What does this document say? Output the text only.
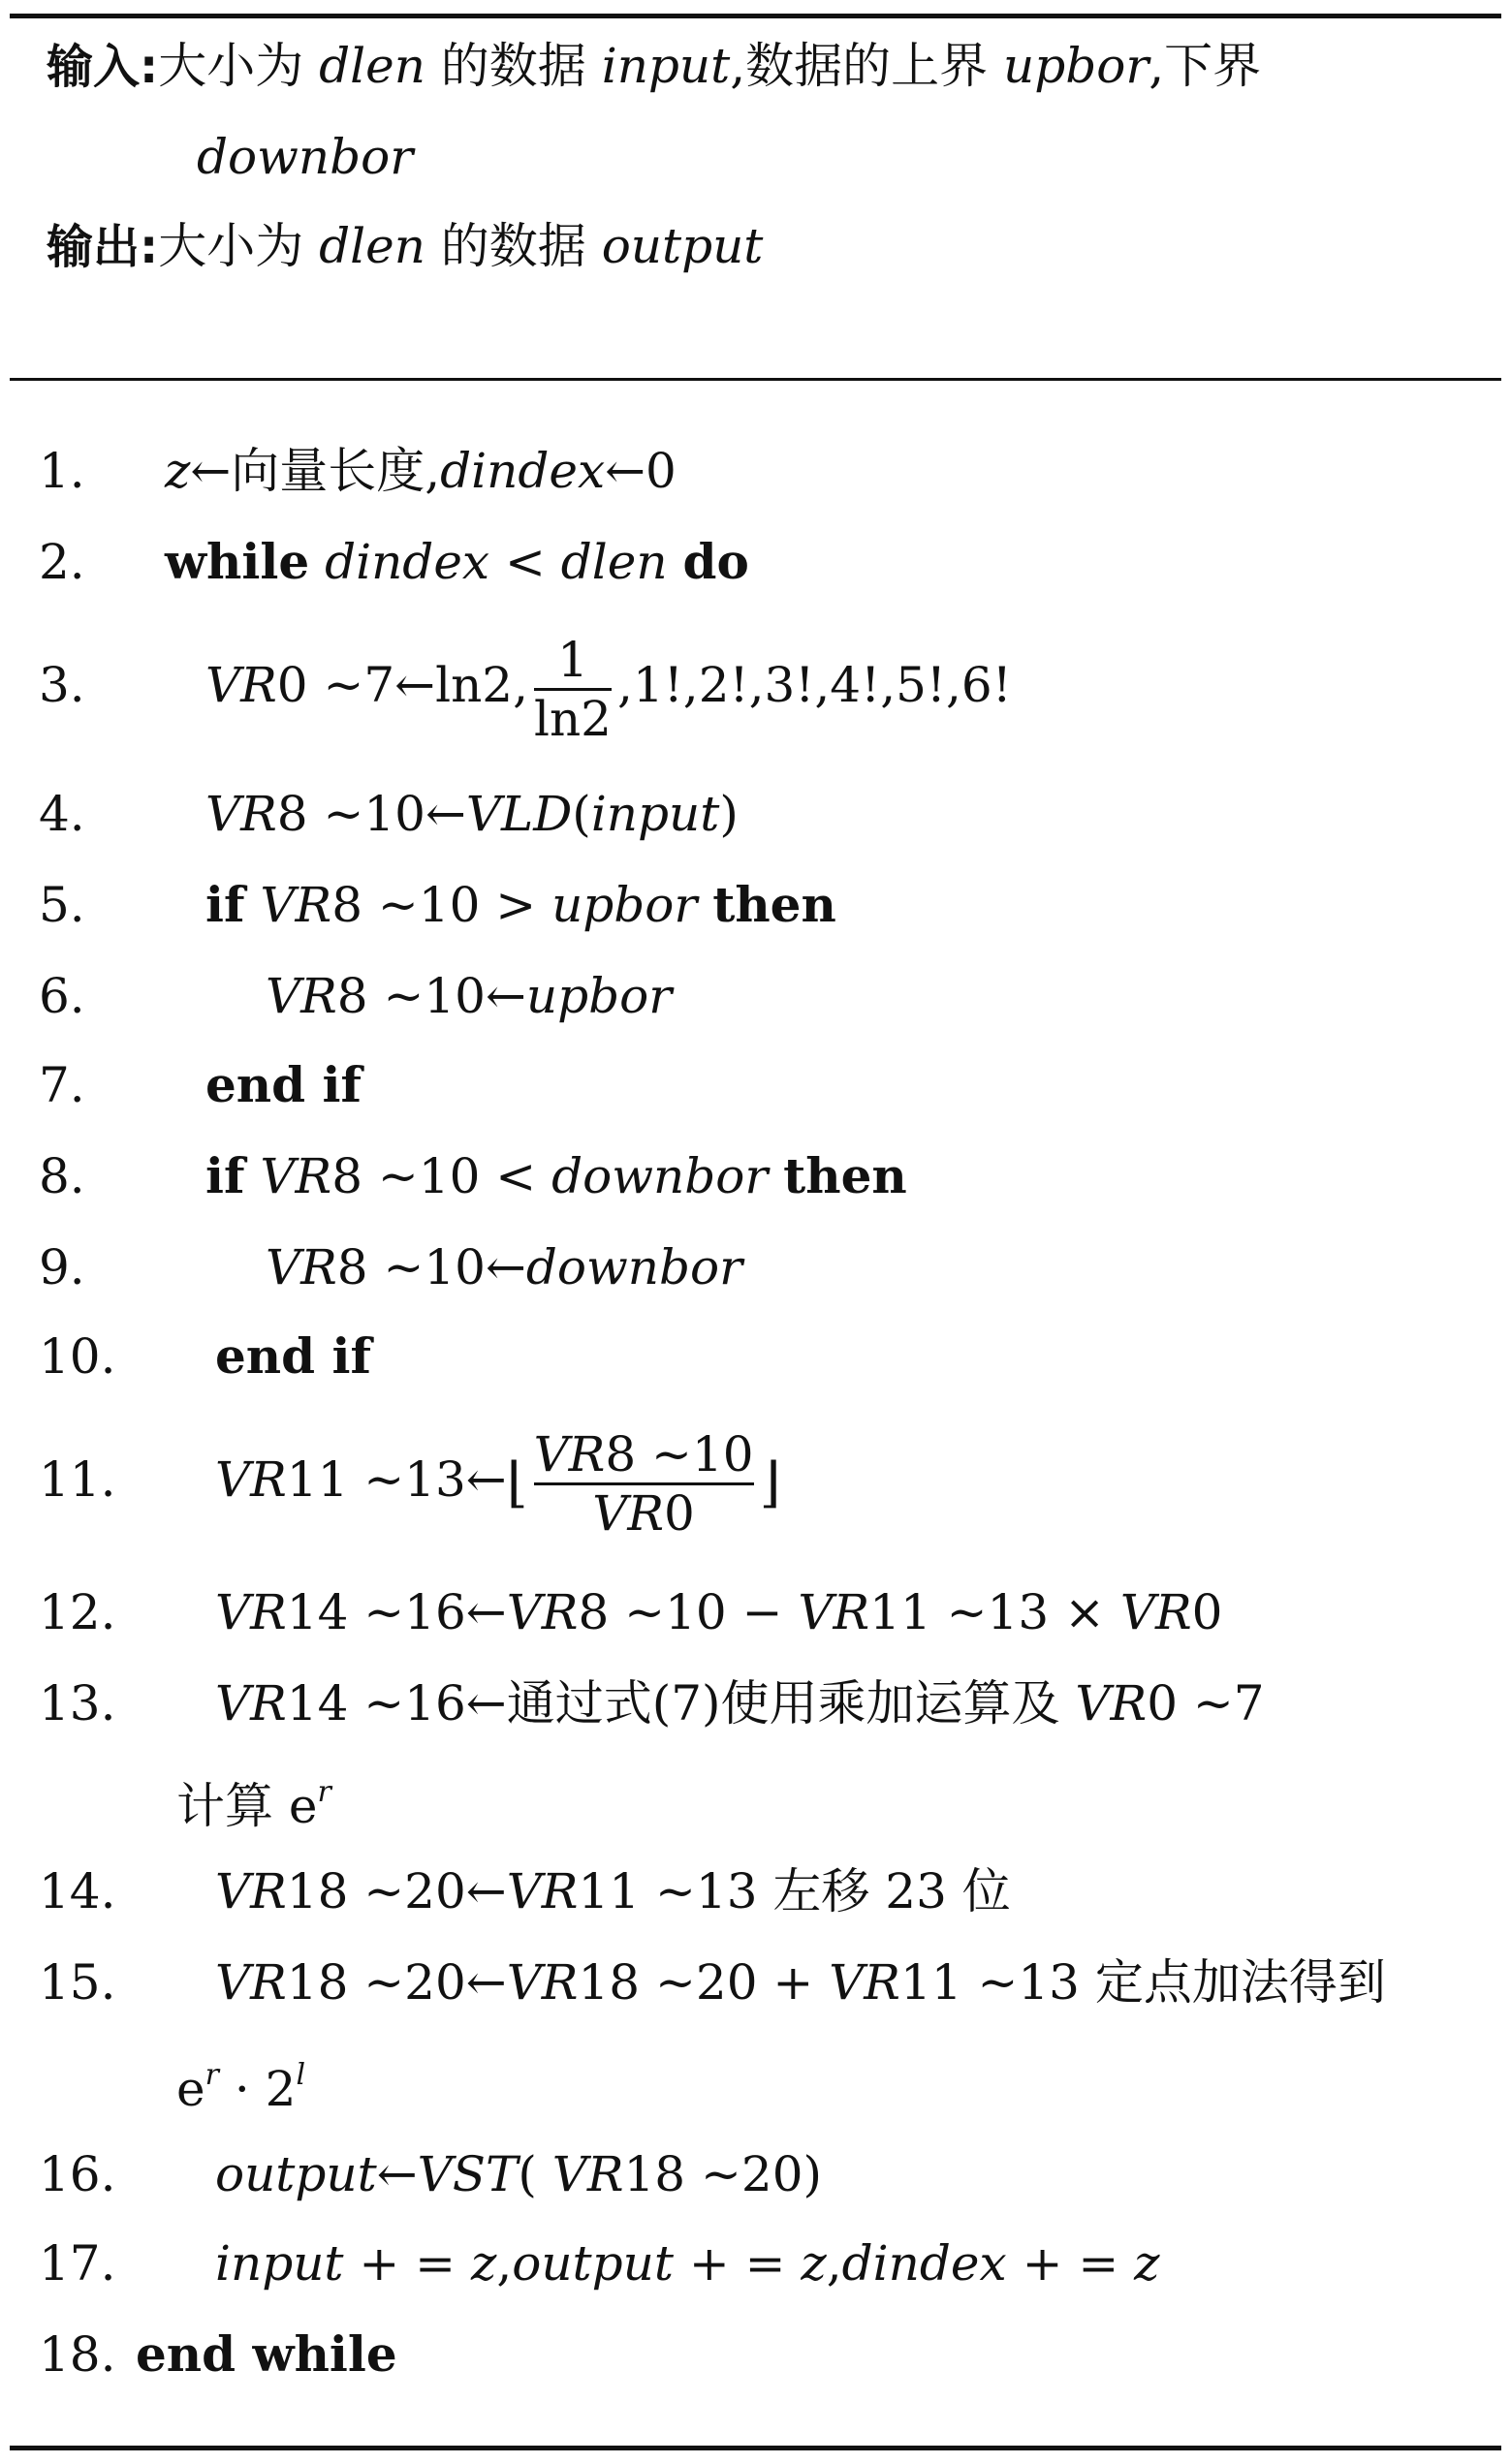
输入:大小为 dlen 的数据 input,数据的上界 upbor,下界
downbor
输出:大小为 dlen 的数据 output
1. z←向量长度,dindex←0
2. while dindex < dlen do
3. VR0 ~7←ln2, $\frac{1}{\ln 2} ,1!,2!,3!,4!,5!,6$!
4. VR8 ~10←VLD(input)
5. if VR8 ~10 > upbor then
6.	VR8 ~10←upbor
7. end if
8. if VR8 ~10 < downbor then
9.	VR8 ~10←downbor
10. end if
11. VR11 ~13←⌊ $\frac{VR8 \sim 10}{VR0}$ ⌋
12. VR14 ~16←VR8 ~10 − VR11 ~13 × VR0
13. VR14 ~16←通过式(7)使用乘加运算及 VR0 ~7
计算 $e^r$
14. VR18 ~20←VR11 ~13 左移 23 位
15. VR18 ~20←VR18 ~20 + VR11 ~13 定点加法得到
$e^r \cdot 2^l$
16. output←VST( VR18 ~20)
17. input + = z,output + = z,dindex + = z
18. end while
